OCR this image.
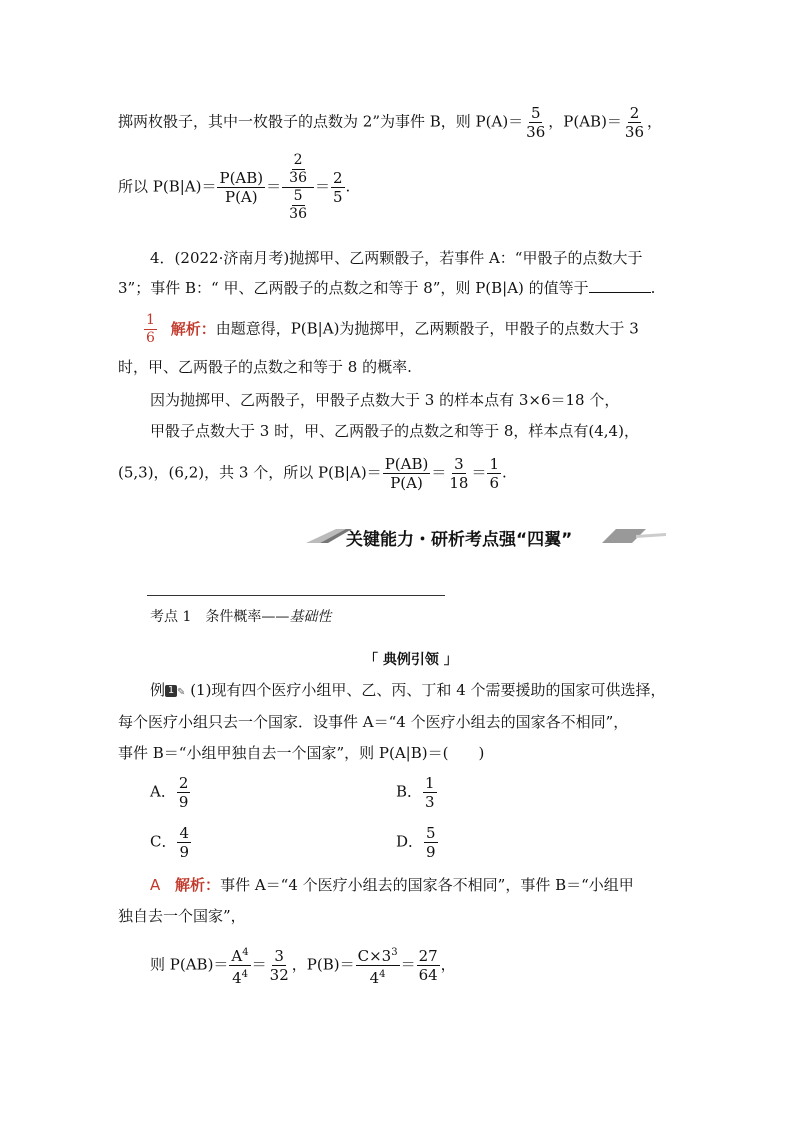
掷两枚骰子，其中一枚骰子的点数为 2”为事件 B，则 $P(A)= \frac{5}{36}$ ，$P(AB)= \frac{2}{36}$ ，
所以 $P(B|A)= \frac{P(AB)}{P(A)} = \frac{\frac{2}{36}}{\frac{5}{36}} = \frac{2}{5}$ .
4．(2022·济南月考)抛掷甲、乙两颗骰子，若事件 A：“甲骰子的点数大于
3”；事件 B：“ 甲、乙两骰子的点数之和等于 8”，则 P(B|A) 的值等于	.
$\frac{1}{6}$ 解析：由题意得，P(B|A)为抛掷甲，乙两颗骰子，甲骰子的点数大于 3
时，甲、乙两骰子的点数之和等于 8 的概率.
因为抛掷甲、乙两骰子，甲骰子点数大于 3 的样本点有 3×6＝18 个，
甲骰子点数大于 3 时，甲、乙两骰子的点数之和等于 8，样本点有(4,4)，
(5,3)，(6,2)，共 3 个，所以 $P(B|A)= \frac{P(AB)}{P(A)} = \frac{3}{18} = \frac{1}{6}$ .
关键能力・研析考点强“四翼”
考点 1　条件概率——基础性
「 典例引领 」
例 1 ✎ (1)现有四个医疗小组甲、乙、丙、丁和 4 个需要援助的国家可供选择，
每个医疗小组只去一个国家．设事件 A＝“4 个医疗小组去的国家各不相同”，
事件 B＝“小组甲独自去一个国家”，则 P(A|B)＝(　　)
A． $\frac{2}{9}$	B． $\frac{1}{3}$
C． $\frac{4}{9}$	D． $\frac{5}{9}$
A 解析：事件 A＝“4 个医疗小组去的国家各不相同”，事件 B＝“小组甲
独自去一个国家”，
则 $P(AB)= \frac{A^4}{4^4} = \frac{3}{32}$ ，$P(B)= \frac{C\times 3^3}{4^4} = \frac{27}{64}$ ，
